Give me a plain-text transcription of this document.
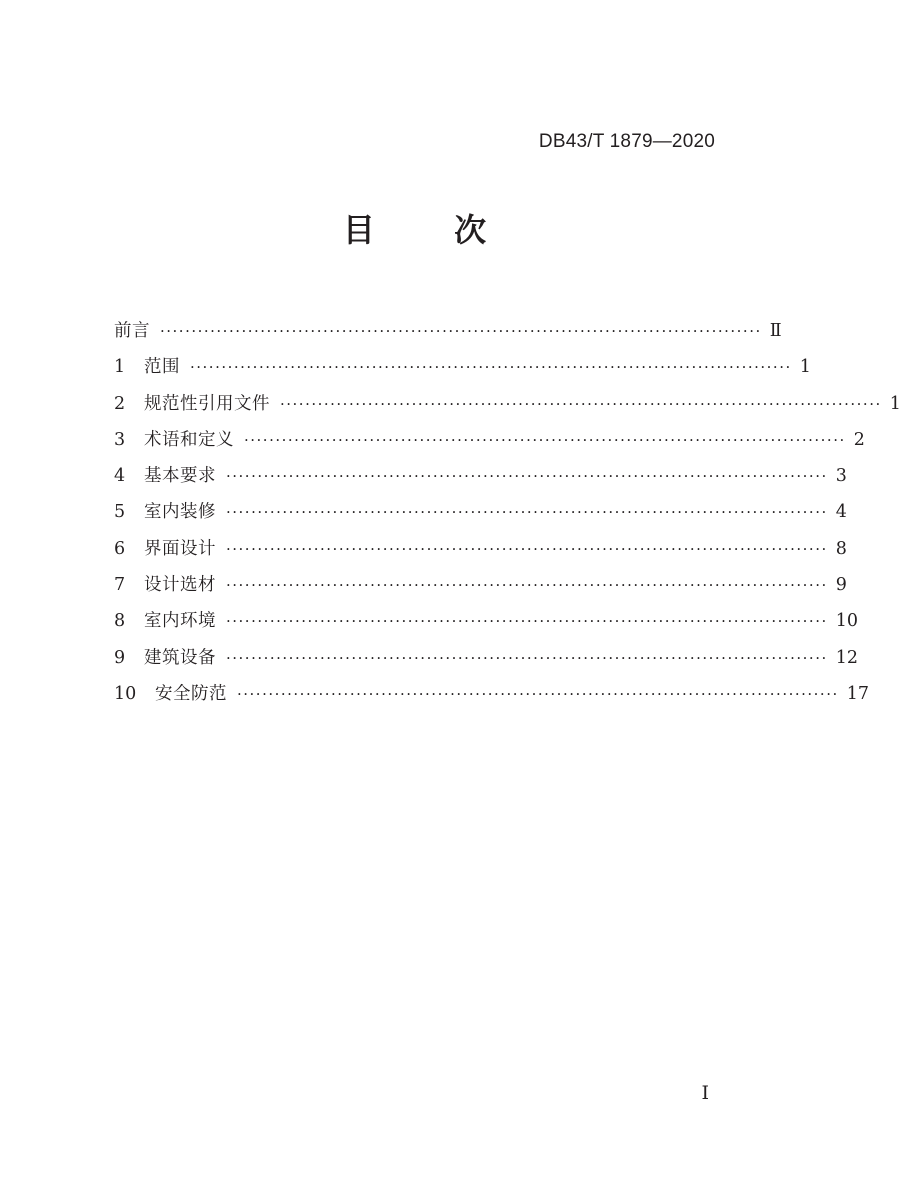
DB43/T 1879—2020
目 次
前言 ································································································ Ⅱ
1	范围 ································································································ 1
2	规范性引用文件 ································································································ 1
3	术语和定义 ································································································ 2
4	基本要求 ································································································ 3
5	室内装修 ································································································ 4
6	界面设计 ································································································ 8
7	设计选材 ································································································ 9
8	室内环境 ································································································ 10
9	建筑设备 ································································································ 12
10	安全防范 ································································································ 17
I
